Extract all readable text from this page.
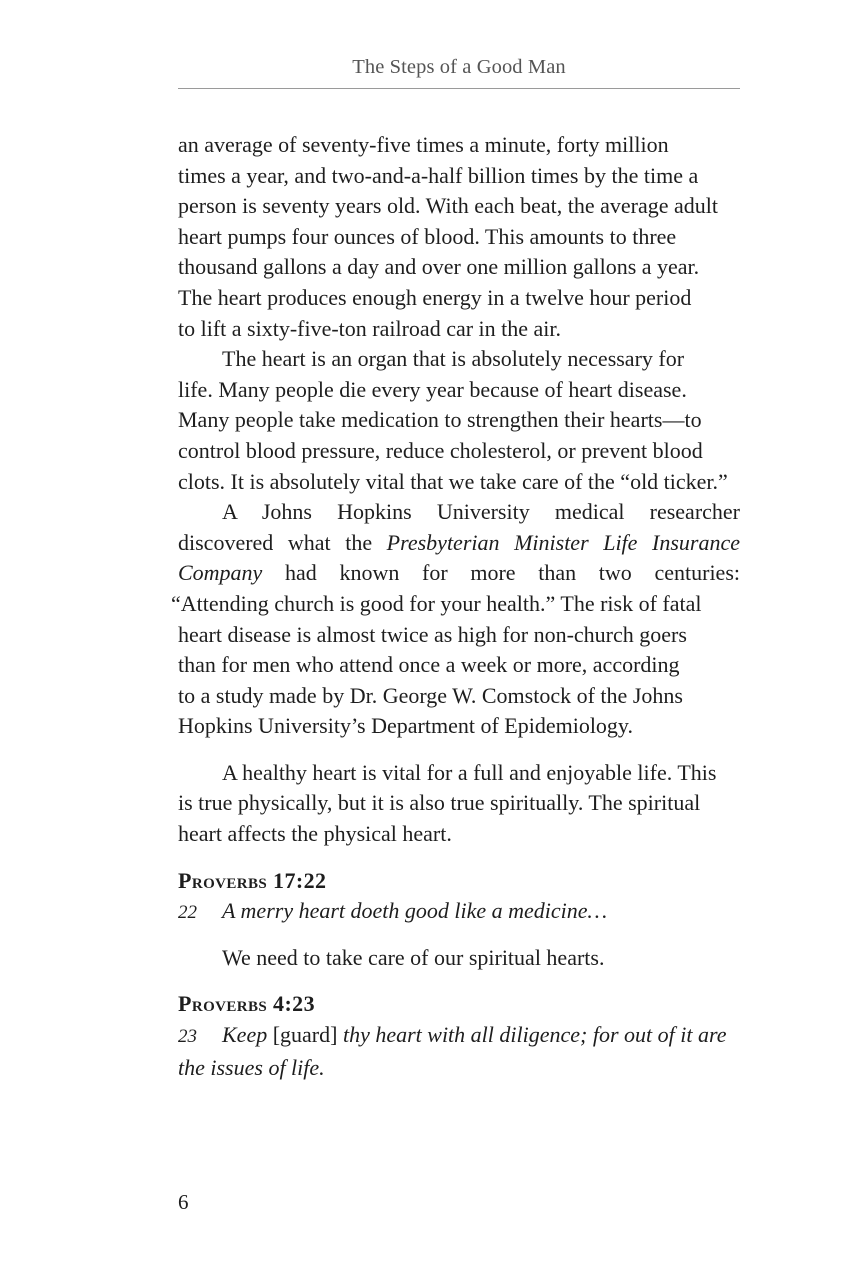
The Steps of a Good Man
an average of seventy-five times a minute, forty million
times a year, and two-and-a-half billion times by the time a
person is seventy years old. With each beat, the average adult
heart pumps four ounces of blood. This amounts to three
thousand gallons a day and over one million gallons a year.
The heart produces enough energy in a twelve hour period
to lift a sixty-five-ton railroad car in the air.
The heart is an organ that is absolutely necessary for
life. Many people die every year because of heart disease.
Many people take medication to strengthen their hearts—to
control blood pressure, reduce cholesterol, or prevent blood
clots. It is absolutely vital that we take care of the “old ticker.”
A Johns Hopkins University medical researcher
discovered what the Presbyterian Minister Life Insurance
Company had known for more than two centuries:
“Attending church is good for your health.” The risk of fatal
heart disease is almost twice as high for non-church goers
than for men who attend once a week or more, according
to a study made by Dr. George W. Comstock of the Johns
Hopkins University’s Department of Epidemiology.
A healthy heart is vital for a full and enjoyable life. This
is true physically, but it is also true spiritually. The spiritual
heart affects the physical heart.
Proverbs 17:22
22 A merry heart doeth good like a medicine…
We need to take care of our spiritual hearts.
Proverbs 4:23
23 Keep [guard] thy heart with all diligence; for out of it are
the issues of life.
6
